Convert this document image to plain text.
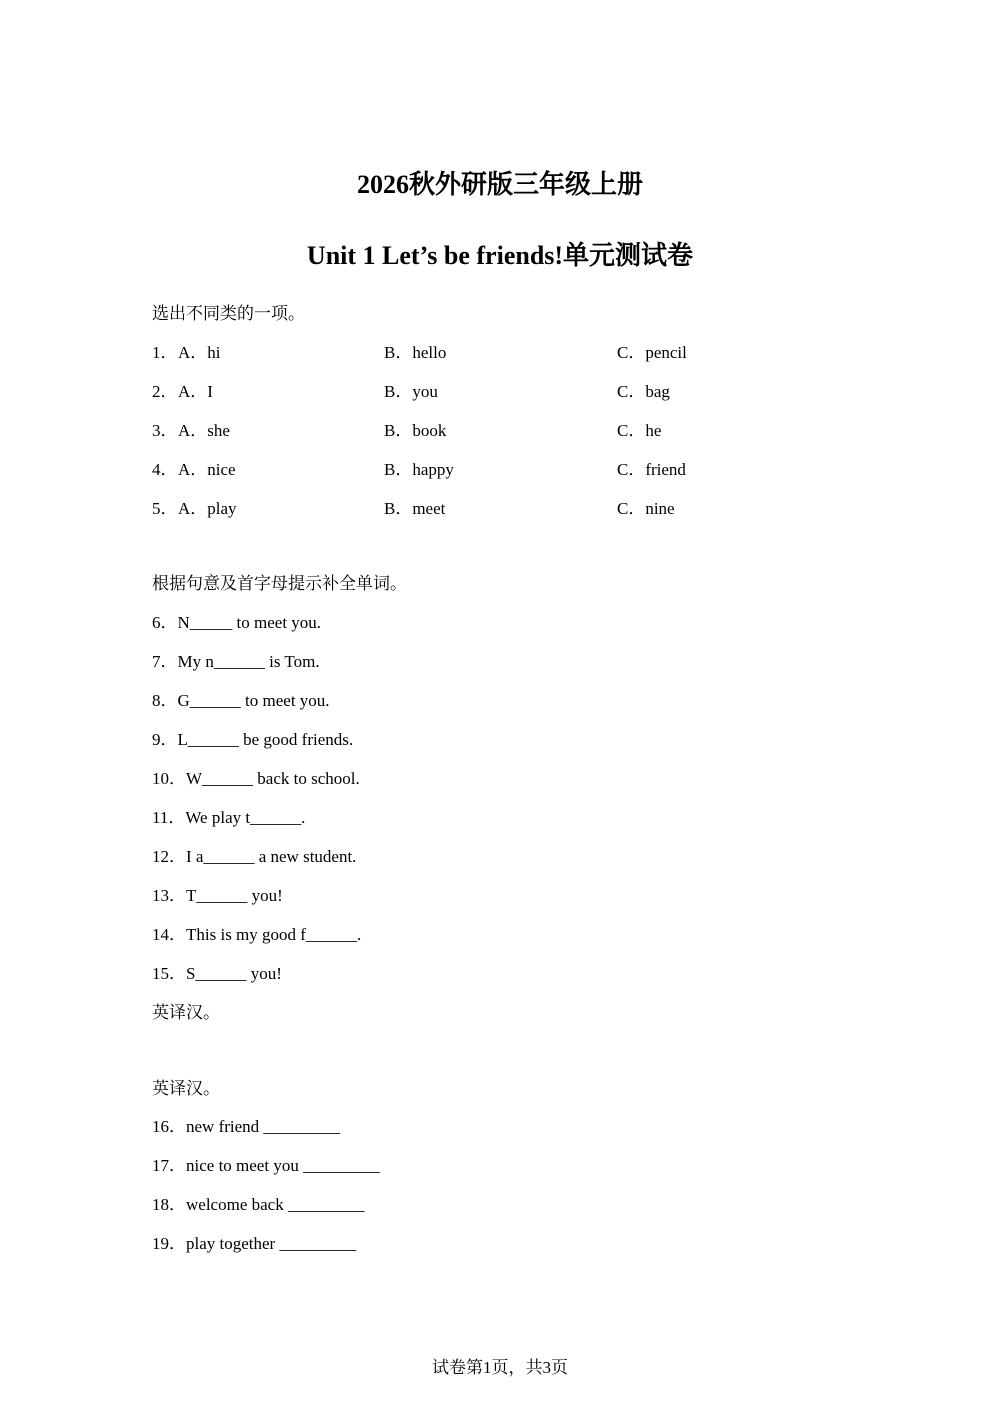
2026秋外研版三年级上册
Unit 1 Let’s be friends!单元测试卷
选出不同类的一项。
1． A．hi	B．hello	C．pencil
2． A．I	B．you	C．bag
3． A．she	B．book	C．he
4． A．nice	B．happy	C．friend
5． A．play	B．meet	C．nine
根据句意及首字母提示补全单词。
6．N_____ to meet you.
7．My n______ is Tom.
8．G______ to meet you.
9．L______ be good friends.
10．W______ back to school.
11．We play t______.
12．I a______ a new student.
13．T______ you!
14．This is my good f______.
15．S______ you!
英译汉。
英译汉。
16．new friend _________
17．nice to meet you _________
18．welcome back _________
19．play together _________
试卷第1页，共3页
